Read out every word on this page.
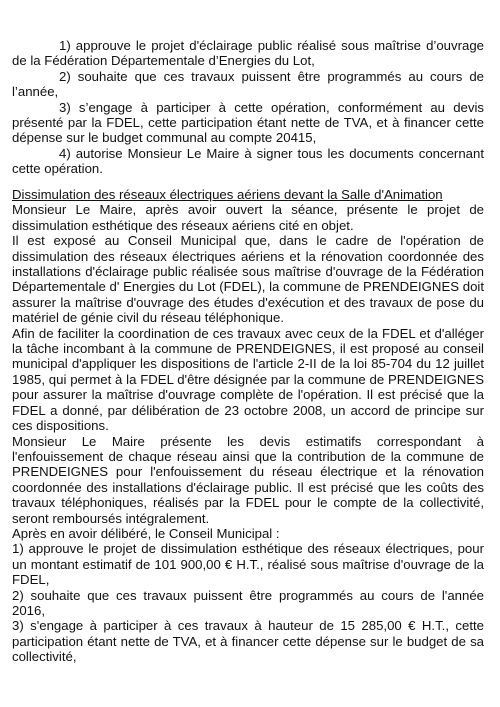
1) approuve le projet d'éclairage public réalisé sous maîtrise d’ouvrage de la Fédération Départementale d’Energies du Lot,

2) souhaite que ces travaux puissent être programmés au cours de l’année,

3) s’engage à participer à cette opération, conformément au devis présenté par la FDEL, cette participation étant nette de TVA, et à financer cette dépense sur le budget communal au compte 20415,

4) autorise Monsieur Le Maire à signer tous les documents concernant cette opération.

Dissimulation des réseaux électriques aériens devant la Salle d'Animation

Monsieur Le Maire, après avoir ouvert la séance, présente le projet de dissimulation esthétique des réseaux aériens cité en objet.

Il est exposé au Conseil Municipal que, dans le cadre de l'opération de dissimulation des réseaux électriques aériens et la rénovation coordonnée des installations d'éclairage public réalisée sous maîtrise d'ouvrage de la Fédération Départementale d' Energies du Lot (FDEL), la commune de PRENDEIGNES doit assurer la maîtrise d'ouvrage des études d'exécution et des travaux de pose du matériel de génie civil du réseau téléphonique.

Afin de faciliter la coordination de ces travaux avec ceux de la FDEL et d'alléger la tâche incombant à la commune de PRENDEIGNES, il est proposé au conseil municipal d'appliquer les dispositions de l'article 2-II de la loi 85-704 du 12 juillet 1985, qui permet à la FDEL d'être désignée par la commune de PRENDEIGNES pour assurer la maîtrise d'ouvrage complète de l'opération. Il est précisé que la FDEL a donné, par délibération de 23 octobre 2008, un accord de principe sur ces dispositions.

Monsieur Le Maire présente les devis estimatifs correspondant à l'enfouissement de chaque réseau ainsi que la contribution de la commune de PRENDEIGNES pour l'enfouissement du réseau électrique et la rénovation coordonnée des installations d'éclairage public. Il est précisé que les coûts des travaux téléphoniques, réalisés par la FDEL pour le compte de la collectivité, seront remboursés intégralement.

Après en avoir délibéré, le Conseil Municipal :

1) approuve le projet de dissimulation esthétique des réseaux électriques, pour un montant estimatif de 101 900,00 € H.T., réalisé sous maîtrise d'ouvrage de la FDEL,

2) souhaite que ces travaux puissent être programmés au cours de l'année 2016,

3) s'engage à participer à ces travaux à hauteur de 15 285,00 € H.T., cette participation étant nette de TVA, et à financer cette dépense sur le budget de sa collectivité,
